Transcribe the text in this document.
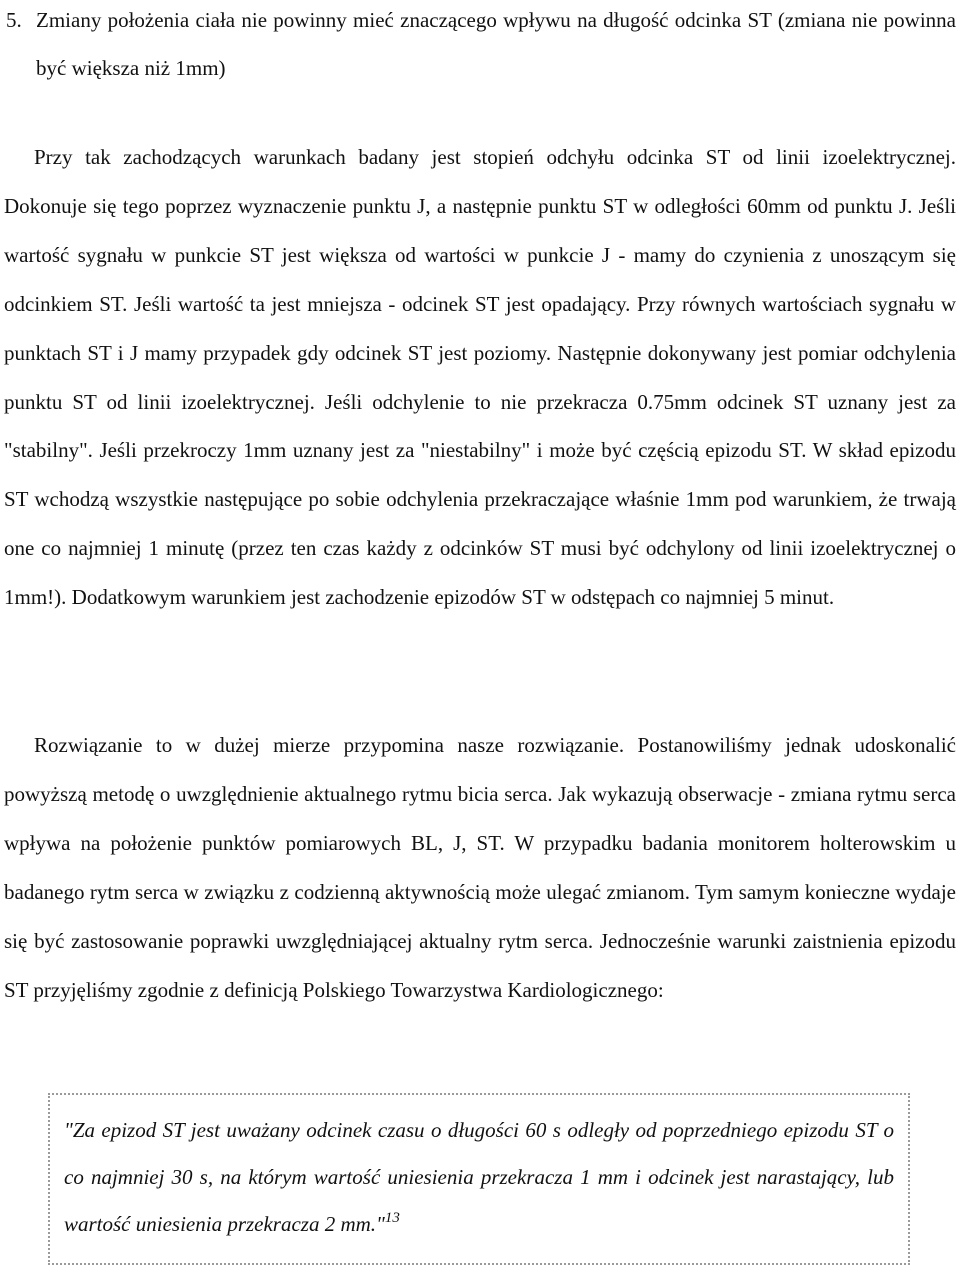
5. Zmiany położenia ciała nie powinny mieć znaczącego wpływu na długość odcinka ST (zmiana nie powinna być większa niż 1mm)

Przy tak zachodzących warunkach badany jest stopień odchyłu odcinka ST od linii izoelektrycznej. Dokonuje się tego poprzez wyznaczenie punktu J, a następnie punktu ST w odległości 60mm od punktu J. Jeśli wartość sygnału w punkcie ST jest większa od wartości w punkcie J - mamy do czynienia z unoszącym się odcinkiem ST. Jeśli wartość ta jest mniejsza - odcinek ST jest opadający. Przy równych wartościach sygnału w punktach ST i J mamy przypadek gdy odcinek ST jest poziomy. Następnie dokonywany jest pomiar odchylenia punktu ST od linii izoelektrycznej. Jeśli odchylenie to nie przekracza 0.75mm odcinek ST uznany jest za "stabilny". Jeśli przekroczy 1mm uznany jest za "niestabilny" i może być częścią epizodu ST. W skład epizodu ST wchodzą wszystkie następujące po sobie odchylenia przekraczające właśnie 1mm pod warunkiem, że trwają one co najmniej 1 minutę (przez ten czas każdy z odcinków ST musi być odchylony od linii izoelektrycznej o 1mm!). Dodatkowym warunkiem jest zachodzenie epizodów ST w odstępach co najmniej 5 minut.

Rozwiązanie to w dużej mierze przypomina nasze rozwiązanie. Postanowiliśmy jednak udoskonalić powyższą metodę o uwzględnienie aktualnego rytmu bicia serca. Jak wykazują obserwacje - zmiana rytmu serca wpływa na położenie punktów pomiarowych BL, J, ST. W przypadku badania monitorem holterowskim u badanego rytm serca w związku z codzienną aktywnością może ulegać zmianom. Tym samym konieczne wydaje się być zastosowanie poprawki uwzględniającej aktualny rytm serca. Jednocześnie warunki zaistnienia epizodu ST przyjęliśmy zgodnie z definicją Polskiego Towarzystwa Kardiologicznego:

"Za epizod ST jest uważany odcinek czasu o długości 60 s odległy od poprzedniego epizodu ST o co najmniej 30 s, na którym wartość uniesienia przekracza 1 mm i odcinek jest narastający, lub wartość uniesienia przekracza 2 mm."$^{13}$
